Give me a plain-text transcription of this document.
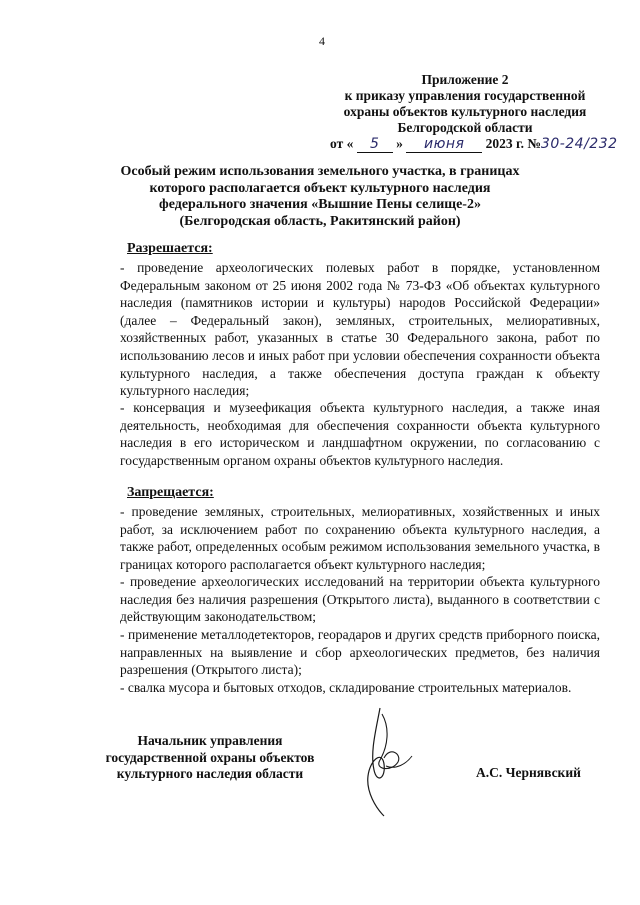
4
Приложение 2
к приказу управления государственной
охраны объектов культурного наследия
Белгородской области
от « 5 » июня 2023 г. №30-24/232
Особый режим использования земельного участка, в границах
которого располагается объект культурного наследия
федерального значения «Вышние Пены селище-2»
(Белгородская область, Ракитянский район)
Разрешается:
- проведение археологических полевых работ в порядке, установленном Федеральным законом от 25 июня 2002 года № 73-ФЗ «Об объектах культурного наследия (памятников истории и культуры) народов Российской Федерации» (далее – Федеральный закон), земляных, строительных, мелиоративных, хозяйственных работ, указанных в статье 30 Федерального закона, работ по использованию лесов и иных работ при условии обеспечения сохранности объекта культурного наследия, а также обеспечения доступа граждан к объекту культурного наследия;
- консервация и музеефикация объекта культурного наследия, а также иная деятельность, необходимая для обеспечения сохранности объекта культурного наследия в его историческом и ландшафтном окружении, по согласованию с государственным органом охраны объектов культурного наследия.
Запрещается:
- проведение земляных, строительных, мелиоративных, хозяйственных и иных работ, за исключением работ по сохранению объекта культурного наследия, а также работ, определенных особым режимом использования земельного участка, в границах которого располагается объект культурного наследия;
- проведение археологических исследований на территории объекта культурного наследия без наличия разрешения (Открытого листа), выданного в соответствии с действующим законодательством;
- применение металлодетекторов, георадаров и других средств приборного поиска, направленных на выявление и сбор археологических предметов, без наличия разрешения (Открытого листа);
- свалка мусора и бытовых отходов, складирование строительных материалов.
Начальник управления
государственной охраны объектов
культурного наследия области	А.С. Чернявский
